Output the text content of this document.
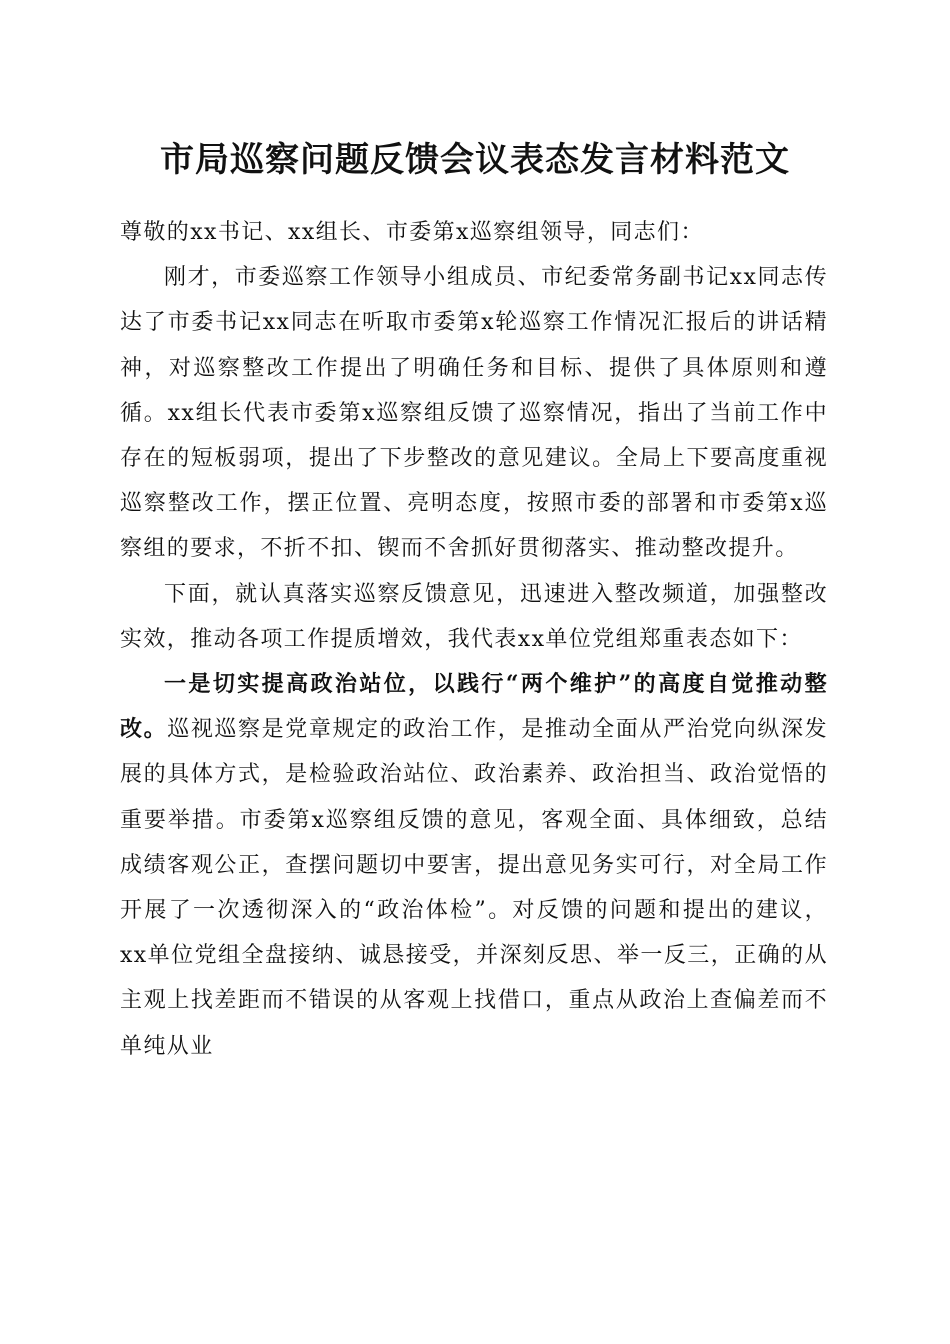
市局巡察问题反馈会议表态发言材料范文

尊敬的xx书记、xx组长、市委第x巡察组领导，同志们：

刚才，市委巡察工作领导小组成员、市纪委常务副书记xx同志传达了市委书记xx同志在听取市委第x轮巡察工作情况汇报后的讲话精神，对巡察整改工作提出了明确任务和目标、提供了具体原则和遵循。xx组长代表市委第x巡察组反馈了巡察情况，指出了当前工作中存在的短板弱项，提出了下步整改的意见建议。全局上下要高度重视巡察整改工作，摆正位置、亮明态度，按照市委的部署和市委第x巡察组的要求，不折不扣、锲而不舍抓好贯彻落实、推动整改提升。

下面，就认真落实巡察反馈意见，迅速进入整改频道，加强整改实效，推动各项工作提质增效，我代表xx单位党组郑重表态如下：

一是切实提高政治站位，以践行“两个维护”的高度自觉推动整改。巡视巡察是党章规定的政治工作，是推动全面从严治党向纵深发展的具体方式，是检验政治站位、政治素养、政治担当、政治觉悟的重要举措。市委第x巡察组反馈的意见，客观全面、具体细致，总结成绩客观公正，查摆问题切中要害，提出意见务实可行，对全局工作开展了一次透彻深入的“政治体检”。对反馈的问题和提出的建议，xx单位党组全盘接纳、诚恳接受，并深刻反思、举一反三，正确的从主观上找差距而不错误的从客观上找借口，重点从政治上查偏差而不单纯从业
